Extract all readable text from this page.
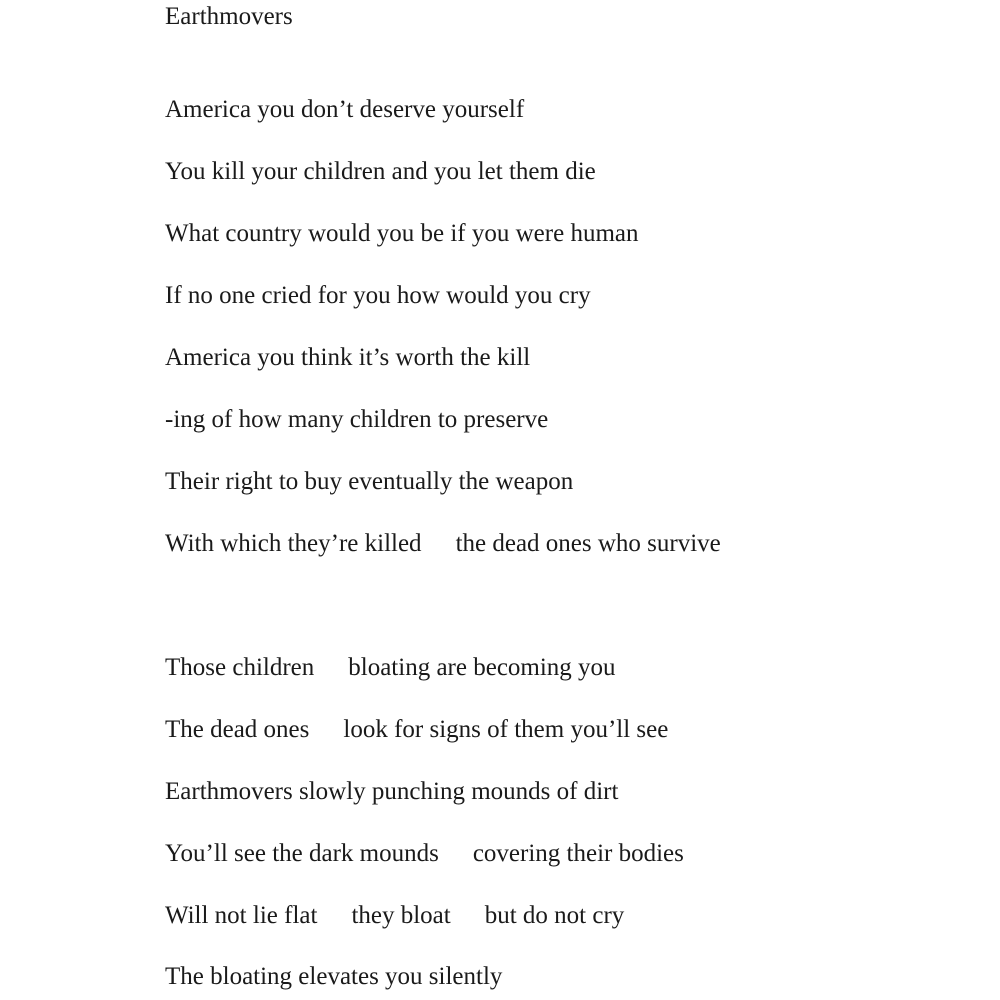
Earthmovers

America you don’t deserve yourself

You kill your children and you let them die

What country would you be if you were human

If no one cried for you how would you cry

America you think it’s worth the kill

-ing of how many children to preserve

Their right to buy eventually the weapon

With which they’re killed the dead ones who survive

Those children bloating are becoming you

The dead ones look for signs of them you’ll see

Earthmovers slowly punching mounds of dirt

You’ll see the dark mounds covering their bodies

Will not lie flat they bloat but do not cry

The bloating elevates you silently
